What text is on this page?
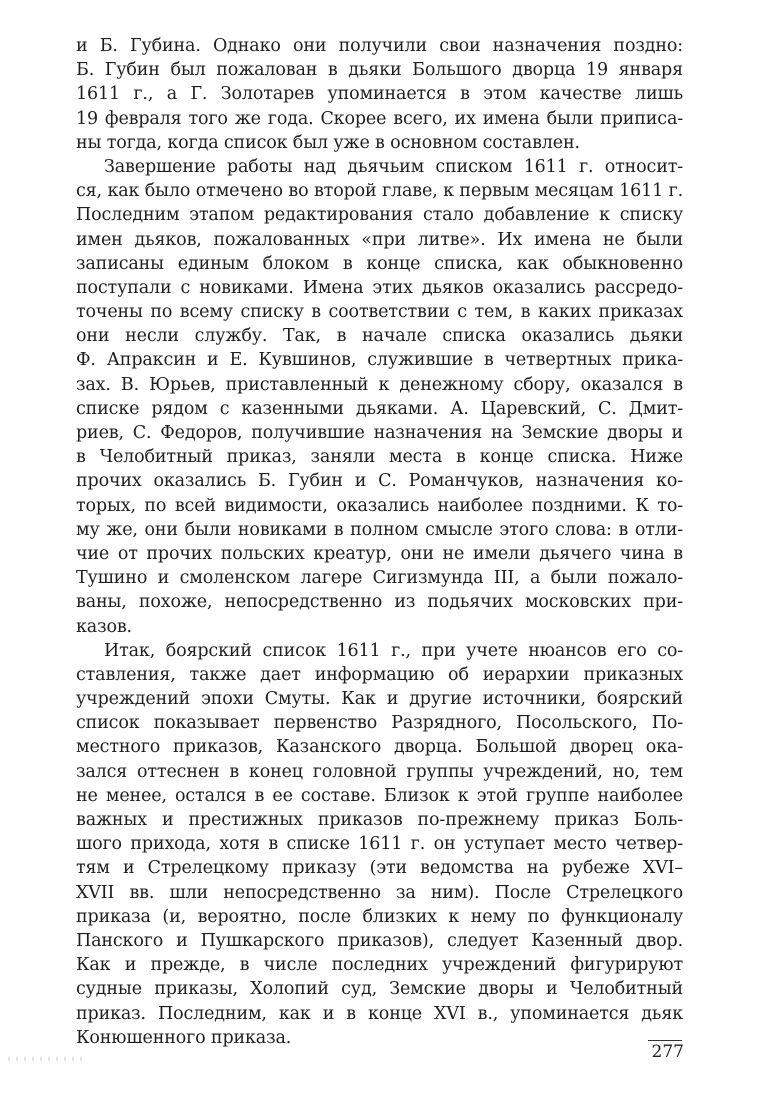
и Б. Губина. Однако они получили свои назначения поздно:
Б. Губин был пожалован в дьяки Большого дворца 19 января
1611 г., а Г. Золотарев упоминается в этом качестве лишь
19 февраля того же года. Скорее всего, их имена были приписа-
ны тогда, когда список был уже в основном составлен.
Завершение работы над дьячьим списком 1611 г. относит-
ся, как было отмечено во второй главе, к первым месяцам 1611 г.
Последним этапом редактирования стало добавление к списку
имен дьяков, пожалованных «при литве». Их имена не были
записаны единым блоком в конце списка, как обыкновенно
поступали с новиками. Имена этих дьяков оказались рассредо-
точены по всему списку в соответствии с тем, в каких приказах
они несли службу. Так, в начале списка оказались дьяки
Ф. Апраксин и Е. Кувшинов, служившие в четвертных прика-
зах. В. Юрьев, приставленный к денежному сбору, оказался в
списке рядом с казенными дьяками. А. Царевский, С. Дмит-
риев, С. Федоров, получившие назначения на Земские дворы и
в Челобитный приказ, заняли места в конце списка. Ниже
прочих оказались Б. Губин и С. Романчуков, назначения ко-
торых, по всей видимости, оказались наиболее поздними. К то-
му же, они были новиками в полном смысле этого слова: в отли-
чие от прочих польских креатур, они не имели дьячего чина в
Тушино и смоленском лагере Сигизмунда III, а были пожало-
ваны, похоже, непосредственно из подьячих московских при-
казов.
Итак, боярский список 1611 г., при учете нюансов его со-
ставления, также дает информацию об иерархии приказных
учреждений эпохи Смуты. Как и другие источники, боярский
список показывает первенство Разрядного, Посольского, По-
местного приказов, Казанского дворца. Большой дворец ока-
зался оттеснен в конец головной группы учреждений, но, тем
не менее, остался в ее составе. Близок к этой группе наиболее
важных и престижных приказов по-прежнему приказ Боль-
шого прихода, хотя в списке 1611 г. он уступает место четвер-
тям и Стрелецкому приказу (эти ведомства на рубеже XVI–
XVII вв. шли непосредственно за ним). После Стрелецкого
приказа (и, вероятно, после близких к нему по функционалу
Панского и Пушкарского приказов), следует Казенный двор.
Как и прежде, в числе последних учреждений фигурируют
судные приказы, Холопий суд, Земские дворы и Челобитный
приказ. Последним, как и в конце XVI в., упоминается дьяк
Конюшенного приказа.
277
